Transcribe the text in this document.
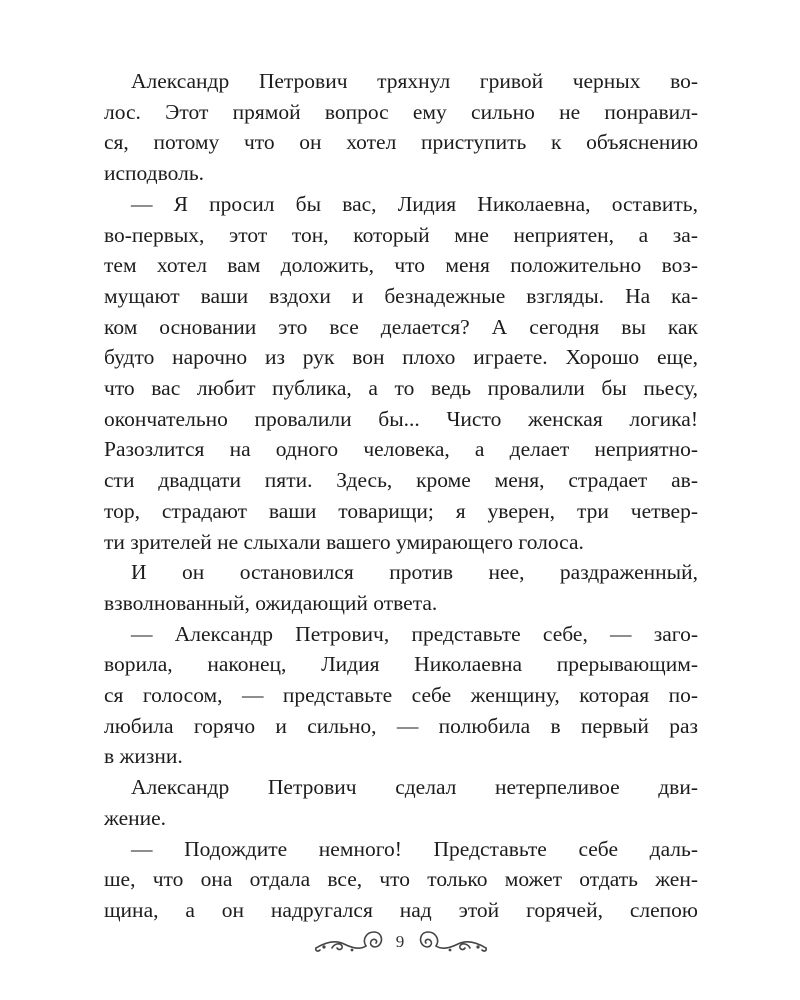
Александр Петрович тряхнул гривой черных во-
лос. Этот прямой вопрос ему сильно не понравил-
ся, потому что он хотел приступить к объяснению
исподволь.
— Я просил бы вас, Лидия Николаевна, оставить,
во-первых, этот тон, который мне неприятен, а за-
тем хотел вам доложить, что меня положительно воз-
мущают ваши вздохи и безнадежные взгляды. На ка-
ком основании это все делается? А сегодня вы как
будто нарочно из рук вон плохо играете. Хорошо еще,
что вас любит публика, а то ведь провалили бы пьесу,
окончательно провалили бы... Чисто женская логика!
Разозлится на одного человека, а делает неприятно-
сти двадцати пяти. Здесь, кроме меня, страдает ав-
тор, страдают ваши товарищи; я уверен, три четвер-
ти зрителей не слыхали вашего умирающего голоса.
И он остановился против нее, раздраженный,
взволнованный, ожидающий ответа.
— Александр Петрович, представьте себе, — заго-
ворила, наконец, Лидия Николаевна прерывающим-
ся голосом, — представьте себе женщину, которая по-
любила горячо и сильно, — полюбила в первый раз
в жизни.
Александр Петрович сделал нетерпеливое дви-
жение.
— Подождите немного! Представьте себе даль-
ше, что она отдала все, что только может отдать жен-
щина, а он надругался над этой горячей, слепою
9
